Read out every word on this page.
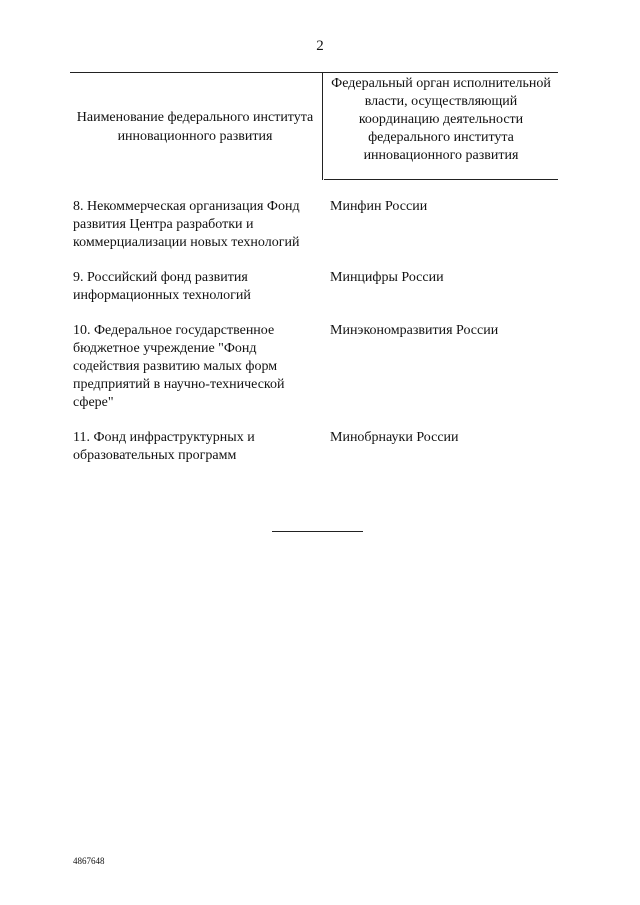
2
Наименование федерального института инновационного развития
Федеральный орган исполнительной власти, осуществляющий координацию деятельности федерального института инновационного развития
8. Некоммерческая организация Фонд развития Центра разработки и коммерциализации новых технологий
Минфин России
9. Российский фонд развития информационных технологий
Минцифры России
10. Федеральное государственное бюджетное учреждение "Фонд содействия развитию малых форм предприятий в научно-технической сфере"
Минэкономразвития России
11. Фонд инфраструктурных и образовательных программ
Минобрнауки России
4867648
